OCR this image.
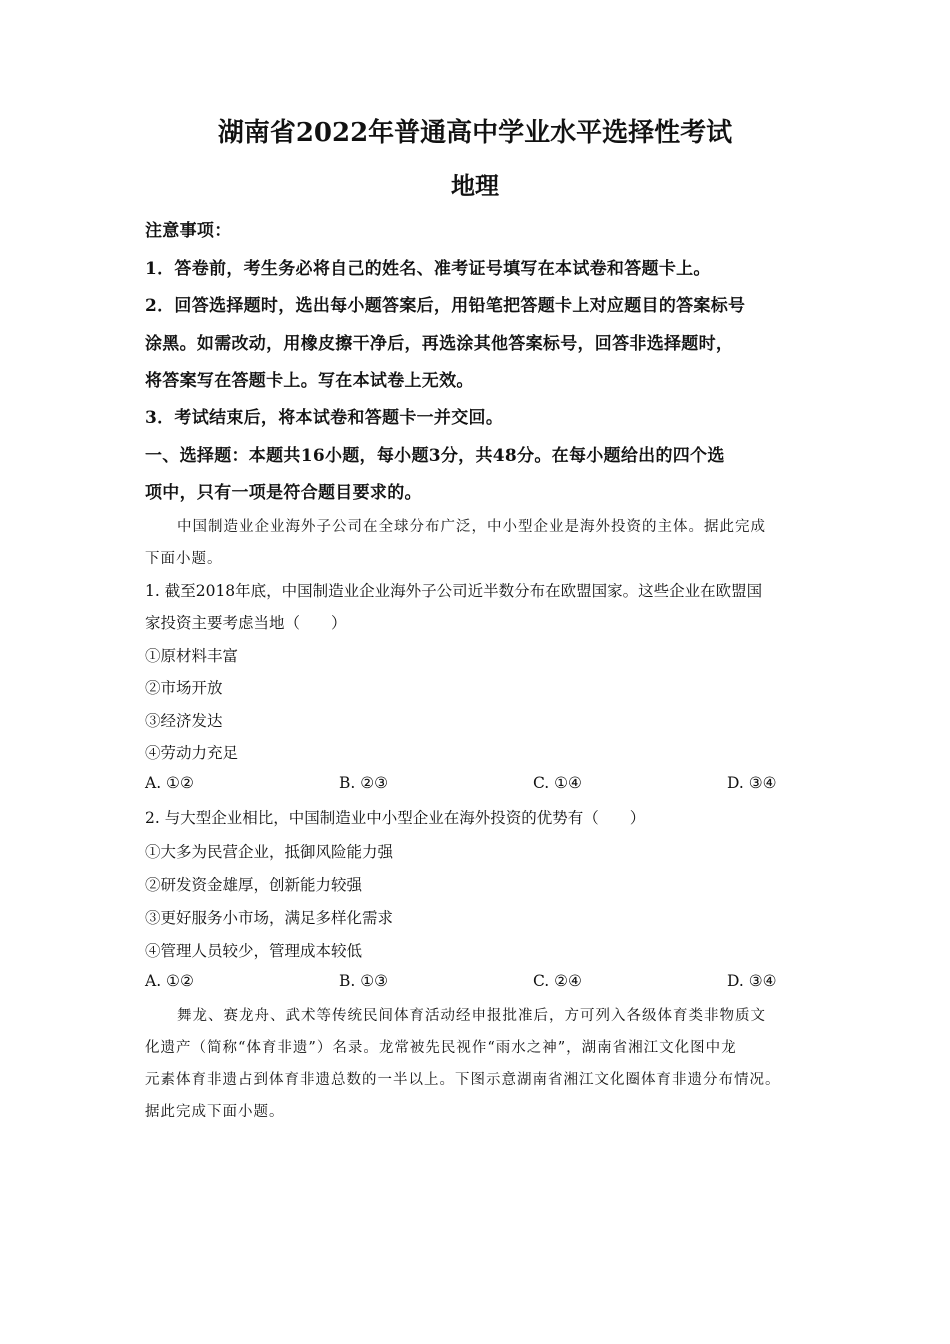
湖南省2022年普通高中学业水平选择性考试
地理
注意事项：
1．答卷前，考生务必将自己的姓名、准考证号填写在本试卷和答题卡上。
2．回答选择题时，选出每小题答案后，用铅笔把答题卡上对应题目的答案标号
涂黑。如需改动，用橡皮擦干净后，再选涂其他答案标号，回答非选择题时，
将答案写在答题卡上。写在本试卷上无效。
3．考试结束后，将本试卷和答题卡一并交回。
一、选择题：本题共16小题，每小题3分，共48分。在每小题给出的四个选
项中，只有一项是符合题目要求的。
中国制造业企业海外子公司在全球分布广泛，中小型企业是海外投资的主体。据此完成
下面小题。
1. 截至2018年底，中国制造业企业海外子公司近半数分布在欧盟国家。这些企业在欧盟国
家投资主要考虑当地（　　）
①原材料丰富
②市场开放
③经济发达
④劳动力充足
A. ①②	B. ②③	C. ①④	D. ③④
2. 与大型企业相比，中国制造业中小型企业在海外投资的优势有（　　）
①大多为民营企业，抵御风险能力强
②研发资金雄厚，创新能力较强
③更好服务小市场，满足多样化需求
④管理人员较少，管理成本较低
A. ①②	B. ①③	C. ②④	D. ③④
舞龙、赛龙舟、武术等传统民间体育活动经申报批准后，方可列入各级体育类非物质文
化遗产（简称“体育非遗”）名录。龙常被先民视作“雨水之神”，湖南省湘江文化图中龙
元素体育非遗占到体育非遗总数的一半以上。下图示意湖南省湘江文化圈体育非遗分布情况。
据此完成下面小题。
